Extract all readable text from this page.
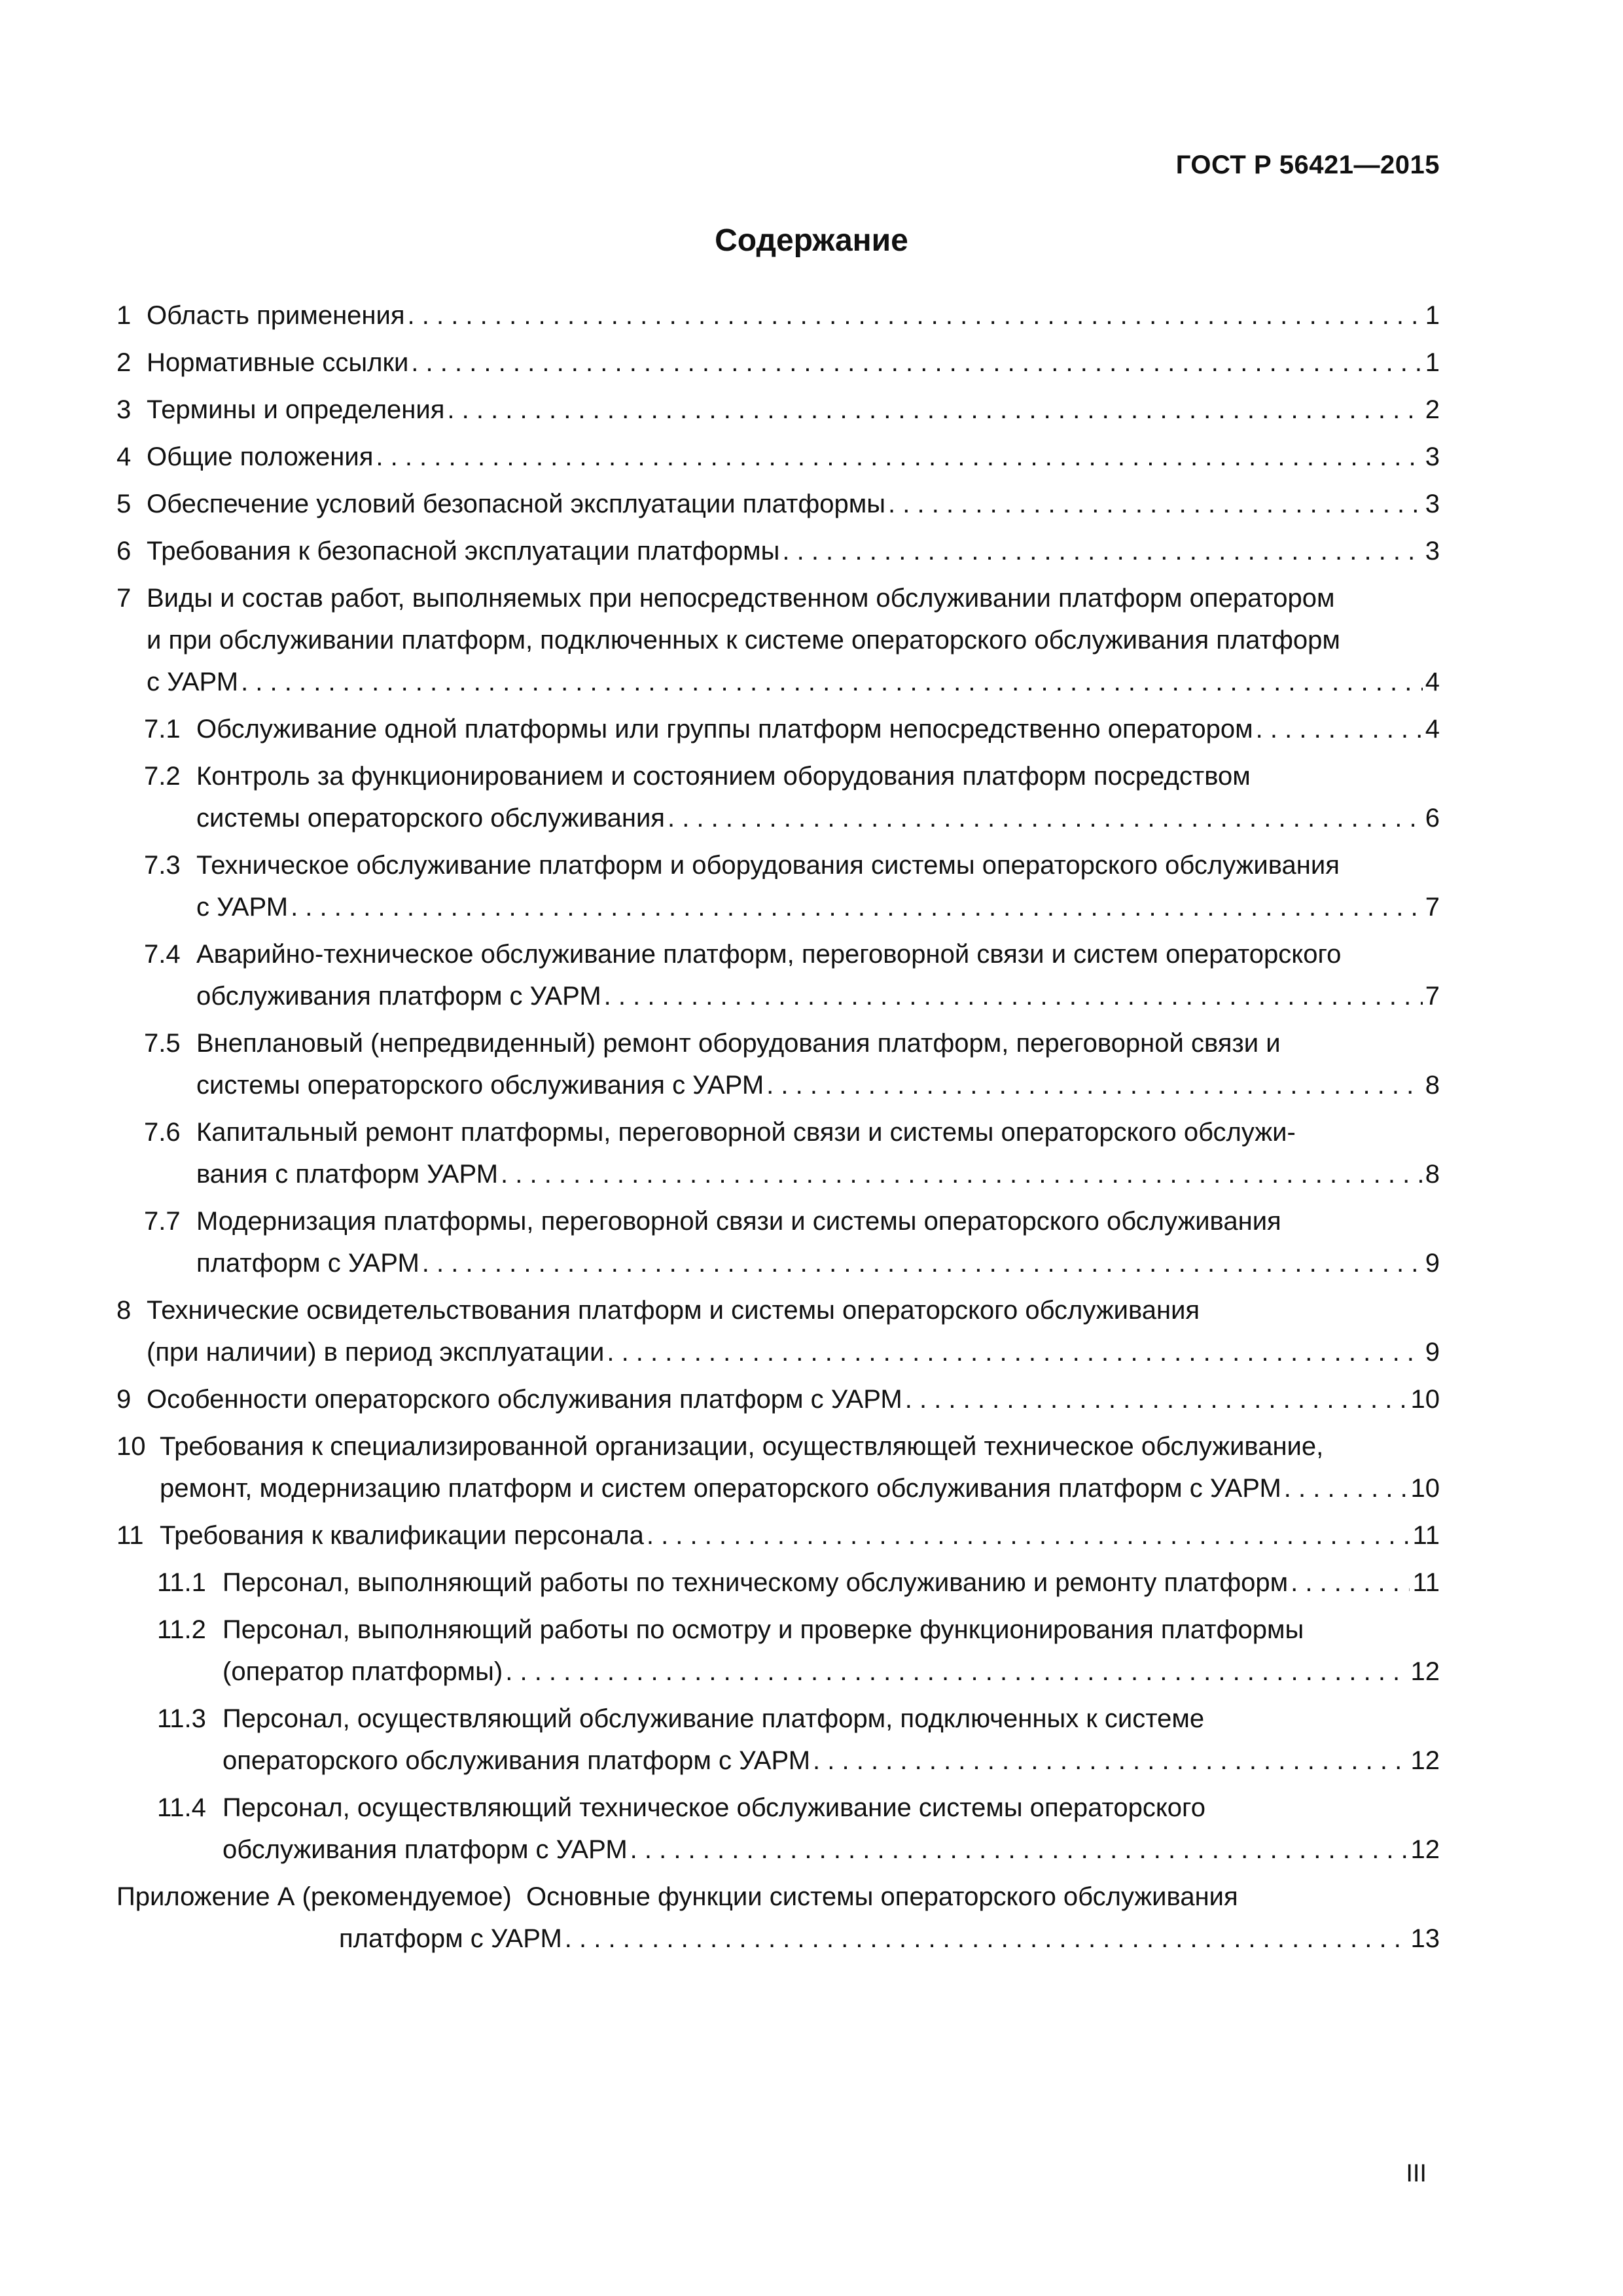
ГОСТ Р 56421—2015
Содержание
1 Область применения . . .	1
2 Нормативные ссылки . . .	1
3 Термины и определения . . .	2
4 Общие положения . . .	3
5 Обеспечение условий безопасной эксплуатации платформы . . .	3
6 Требования к безопасной эксплуатации платформы . . .	3
7 Виды и состав работ, выполняемых при непосредственном обслуживании платформ оператором
и при обслуживании платформ, подключенных к системе операторского обслуживания платформ
с УАРМ . . .	4
7.1 Обслуживание одной платформы или группы платформ непосредственно оператором . . .	4
7.2 Контроль за функционированием и состоянием оборудования платформ посредством
системы операторского обслуживания . . .	6
7.3 Техническое обслуживание платформ и оборудования системы операторского обслуживания
с УАРМ . . .	7
7.4 Аварийно-техническое обслуживание платформ, переговорной связи и систем операторского
обслуживания платформ с УАРМ . . .	7
7.5 Внеплановый (непредвиденный) ремонт оборудования платформ, переговорной связи и
системы операторского обслуживания с УАРМ . . .	8
7.6 Капитальный ремонт платформы, переговорной связи и системы операторского обслужи-
вания с платформ УАРМ . . .	8
7.7 Модернизация платформы, переговорной связи и системы операторского обслуживания
платформ с УАРМ . . .	9
8 Технические освидетельствования платформ и системы операторского обслуживания
(при наличии) в период эксплуатации . . .	9
9 Особенности операторского обслуживания платформ с УАРМ . . .	10
10 Требования к специализированной организации, осуществляющей техническое обслуживание,
ремонт, модернизацию платформ и систем операторского обслуживания платформ с УАРМ . . .	10
11 Требования к квалификации персонала . . .	11
11.1 Персонал, выполняющий работы по техническому обслуживанию и ремонту платформ . . .	11
11.2 Персонал, выполняющий работы по осмотру и проверке функционирования платформы
(оператор платформы) . . .	12
11.3 Персонал, осуществляющий обслуживание платформ, подключенных к системе
операторского обслуживания платформ с УАРМ . . .	12
11.4 Персонал, осуществляющий техническое обслуживание системы операторского
обслуживания платформ с УАРМ . . .	12
Приложение А (рекомендуемое) Основные функции системы операторского обслуживания
платформ с УАРМ . . .	13
III
